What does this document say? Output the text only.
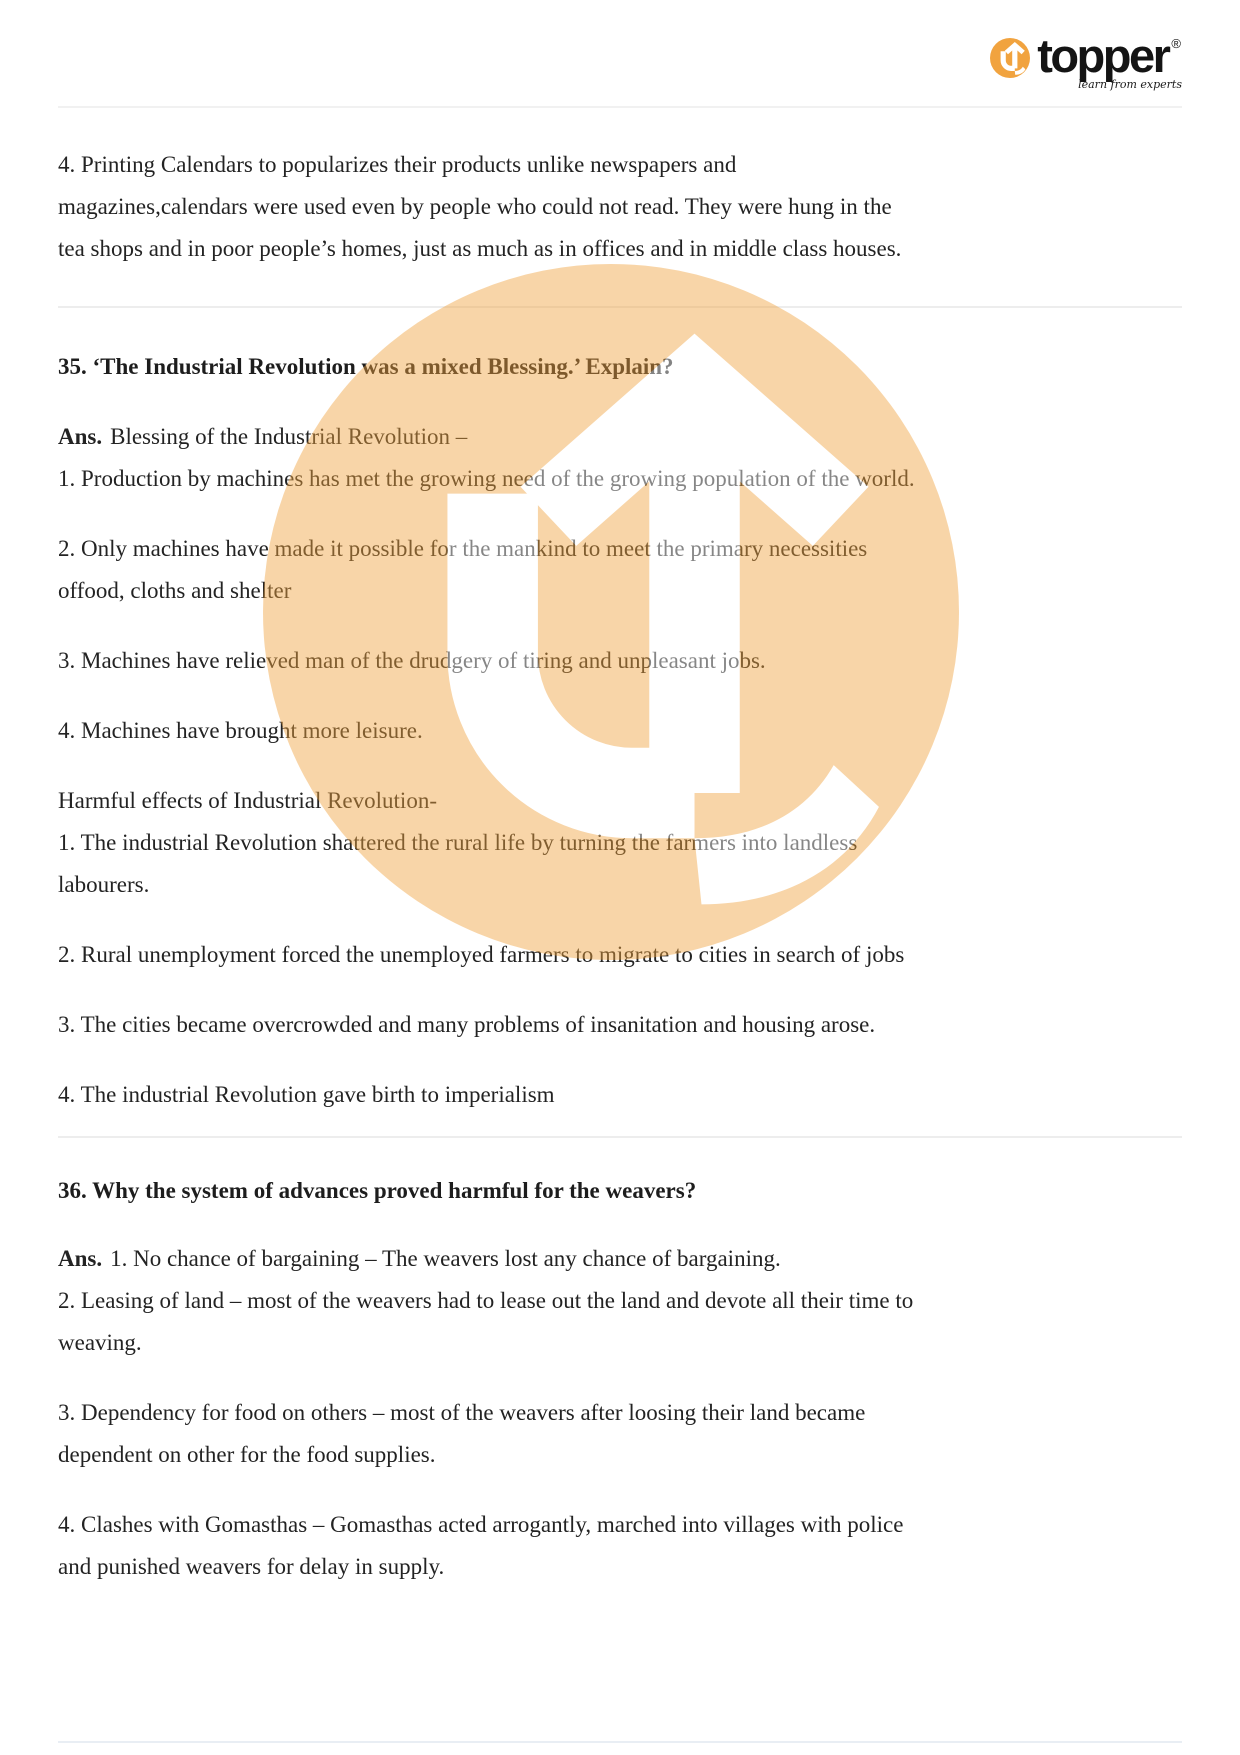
topper ®
learn from experts
4. Printing Calendars to popularizes their products unlike newspapers and
magazines,calendars were used even by people who could not read. They were hung in the
tea shops and in poor people’s homes, just as much as in offices and in middle class houses.
35. ‘The Industrial Revolution was a mixed Blessing.’ Explain?
Ans. Blessing of the Industrial Revolution –
1. Production by machines has met the growing need of the growing population of the world.
2. Only machines have made it possible for the mankind to meet the primary necessities
offood, cloths and shelter
3. Machines have relieved man of the drudgery of tiring and unpleasant jobs.
4. Machines have brought more leisure.
Harmful effects of Industrial Revolution-
1. The industrial Revolution shattered the rural life by turning the farmers into landless
labourers.
2. Rural unemployment forced the unemployed farmers to migrate to cities in search of jobs
3. The cities became overcrowded and many problems of insanitation and housing arose.
4. The industrial Revolution gave birth to imperialism
36. Why the system of advances proved harmful for the weavers?
Ans. 1. No chance of bargaining – The weavers lost any chance of bargaining.
2. Leasing of land – most of the weavers had to lease out the land and devote all their time to
weaving.
3. Dependency for food on others – most of the weavers after loosing their land became
dependent on other for the food supplies.
4. Clashes with Gomasthas – Gomasthas acted arrogantly, marched into villages with police
and punished weavers for delay in supply.
